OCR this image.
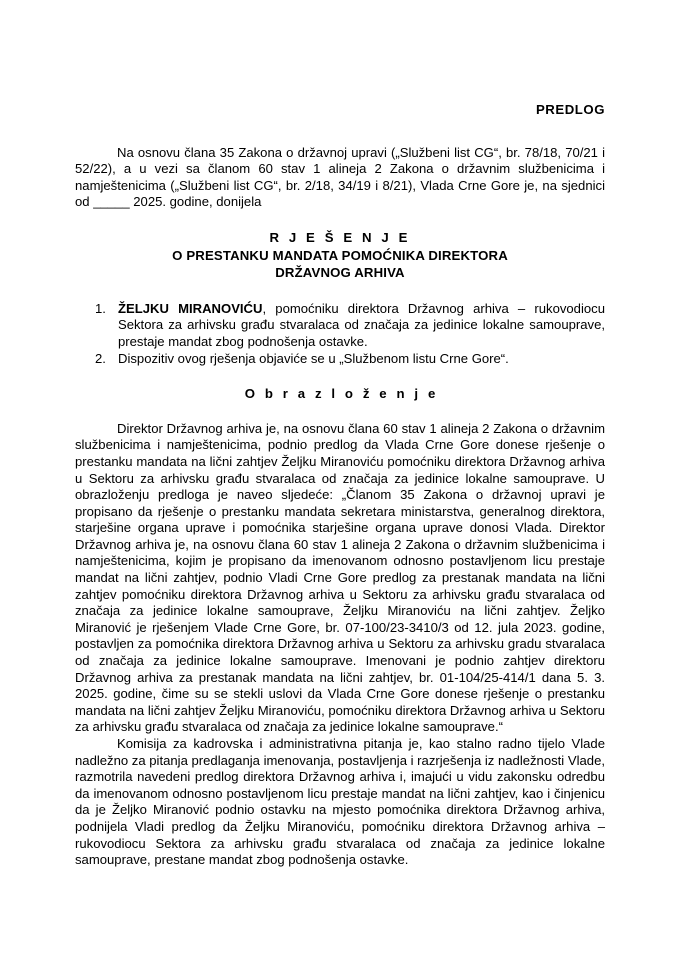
PREDLOG

Na osnovu člana 35 Zakona o državnoj upravi („Službeni list CG“, br. 78/18, 70/21 i 52/22), a u vezi sa članom 60 stav 1 alineja 2 Zakona o državnim službenicima i namještenicima („Službeni list CG“, br. 2/18, 34/19 i 8/21), Vlada Crne Gore je, na sjednici od _____ 2025. godine, donijela

R J E Š E N J E
O PRESTANKU MANDATA POMOĆNIKA DIREKTORA
DRŽAVNOG ARHIVA
1. ŽELJKU MIRANOVIĆU, pomoćniku direktora Državnog arhiva – rukovodiocu Sektora za arhivsku građu stvaralaca od značaja za jedinice lokalne samouprave, prestaje mandat zbog podnošenja ostavke.
2. Dispozitiv ovog rješenja objaviće se u „Službenom listu Crne Gore“.
O b r a z l o ž e n j e

Direktor Državnog arhiva je, na osnovu člana 60 stav 1 alineja 2 Zakona o državnim službenicima i namještenicima, podnio predlog da Vlada Crne Gore donese rješenje o prestanku mandata na lični zahtjev Željku Miranoviću pomoćniku direktora Državnog arhiva u Sektoru za arhivsku građu stvaralaca od značaja za jedinice lokalne samouprave. U obrazloženju predloga je naveo sljedeće: „Članom 35 Zakona o državnoj upravi je propisano da rješenje o prestanku mandata sekretara ministarstva, generalnog direktora, starješine organa uprave i pomoćnika starješine organa uprave donosi Vlada. Direktor Državnog arhiva je, na osnovu člana 60 stav 1 alineja 2 Zakona o državnim službenicima i namještenicima, kojim je propisano da imenovanom odnosno postavljenom licu prestaje mandat na lični zahtjev, podnio Vladi Crne Gore predlog za prestanak mandata na lični zahtjev pomoćniku direktora Državnog arhiva u Sektoru za arhivsku građu stvaralaca od značaja za jedinice lokalne samouprave, Željku Miranoviću na lični zahtjev. Željko Miranović je rješenjem Vlade Crne Gore, br. 07-100/23-3410/3 od 12. jula 2023. godine, postavljen za pomoćnika direktora Državnog arhiva u Sektoru za arhivsku gradu stvaralaca od značaja za jedinice lokalne samouprave. Imenovani je podnio zahtjev direktoru Državnog arhiva za prestanak mandata na lični zahtjev, br. 01-104/25-414/1 dana 5. 3. 2025. godine, čime su se stekli uslovi da Vlada Crne Gore donese rješenje o prestanku mandata na lični zahtjev Željku Miranoviću, pomoćniku direktora Državnog arhiva u Sektoru za arhivsku građu stvaralaca od značaja za jedinice lokalne samouprave.“

Komisija za kadrovska i administrativna pitanja je, kao stalno radno tijelo Vlade nadležno za pitanja predlaganja imenovanja, postavljenja i razrješenja iz nadležnosti Vlade, razmotrila navedeni predlog direktora Državnog arhiva i, imajući u vidu zakonsku odredbu da imenovanom odnosno postavljenom licu prestaje mandat na lični zahtjev, kao i činjenicu da je Željko Miranović podnio ostavku na mjesto pomoćnika direktora Državnog arhiva, podnijela Vladi predlog da Željku Miranoviću, pomoćniku direktora Državnog arhiva – rukovodiocu Sektora za arhivsku građu stvaralaca od značaja za jedinice lokalne samouprave, prestane mandat zbog podnošenja ostavke.
